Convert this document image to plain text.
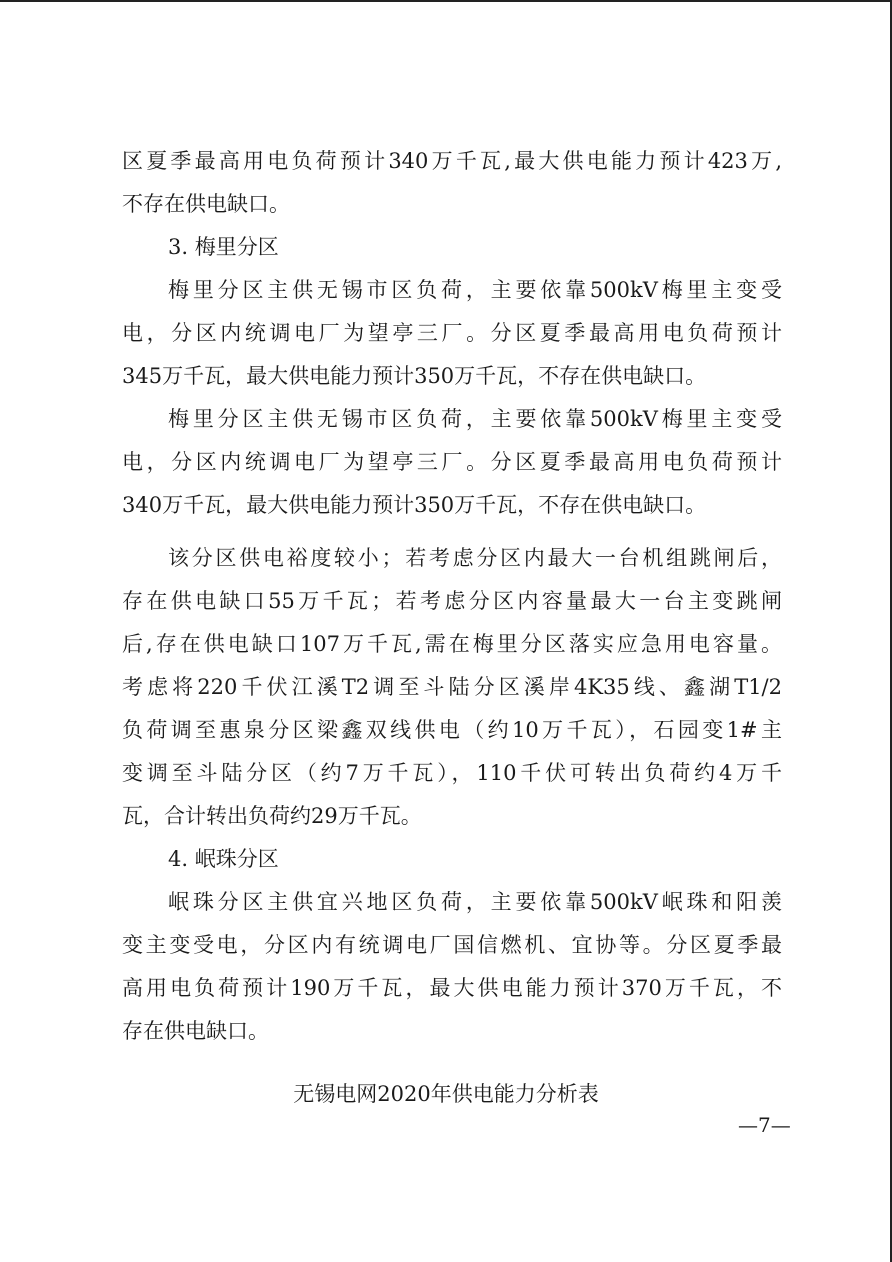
区夏季最高用电负荷预计340万千瓦,最大供电能力预计423万,
不存在供电缺口。
3. 梅里分区
梅里分区主供无锡市区负荷，主要依靠500kV梅里主变受
电，分区内统调电厂为望亭三厂。分区夏季最高用电负荷预计
345万千瓦，最大供电能力预计350万千瓦，不存在供电缺口。
梅里分区主供无锡市区负荷，主要依靠500kV梅里主变受
电，分区内统调电厂为望亭三厂。分区夏季最高用电负荷预计
340万千瓦，最大供电能力预计350万千瓦，不存在供电缺口。
该分区供电裕度较小；若考虑分区内最大一台机组跳闸后，
存在供电缺口55万千瓦；若考虑分区内容量最大一台主变跳闸
后,存在供电缺口107万千瓦,需在梅里分区落实应急用电容量。
考虑将220千伏江溪T2调至斗陆分区溪岸4K35线、鑫湖T1/2
负荷调至惠泉分区梁鑫双线供电（约10万千瓦），石园变1#主
变调至斗陆分区（约7万千瓦），110千伏可转出负荷约4万千
瓦，合计转出负荷约29万千瓦。
4. 岷珠分区
岷珠分区主供宜兴地区负荷，主要依靠500kV岷珠和阳羡
变主变受电，分区内有统调电厂国信燃机、宜协等。分区夏季最
高用电负荷预计190万千瓦，最大供电能力预计370万千瓦，不
存在供电缺口。
无锡电网2020年供电能力分析表
—7—
